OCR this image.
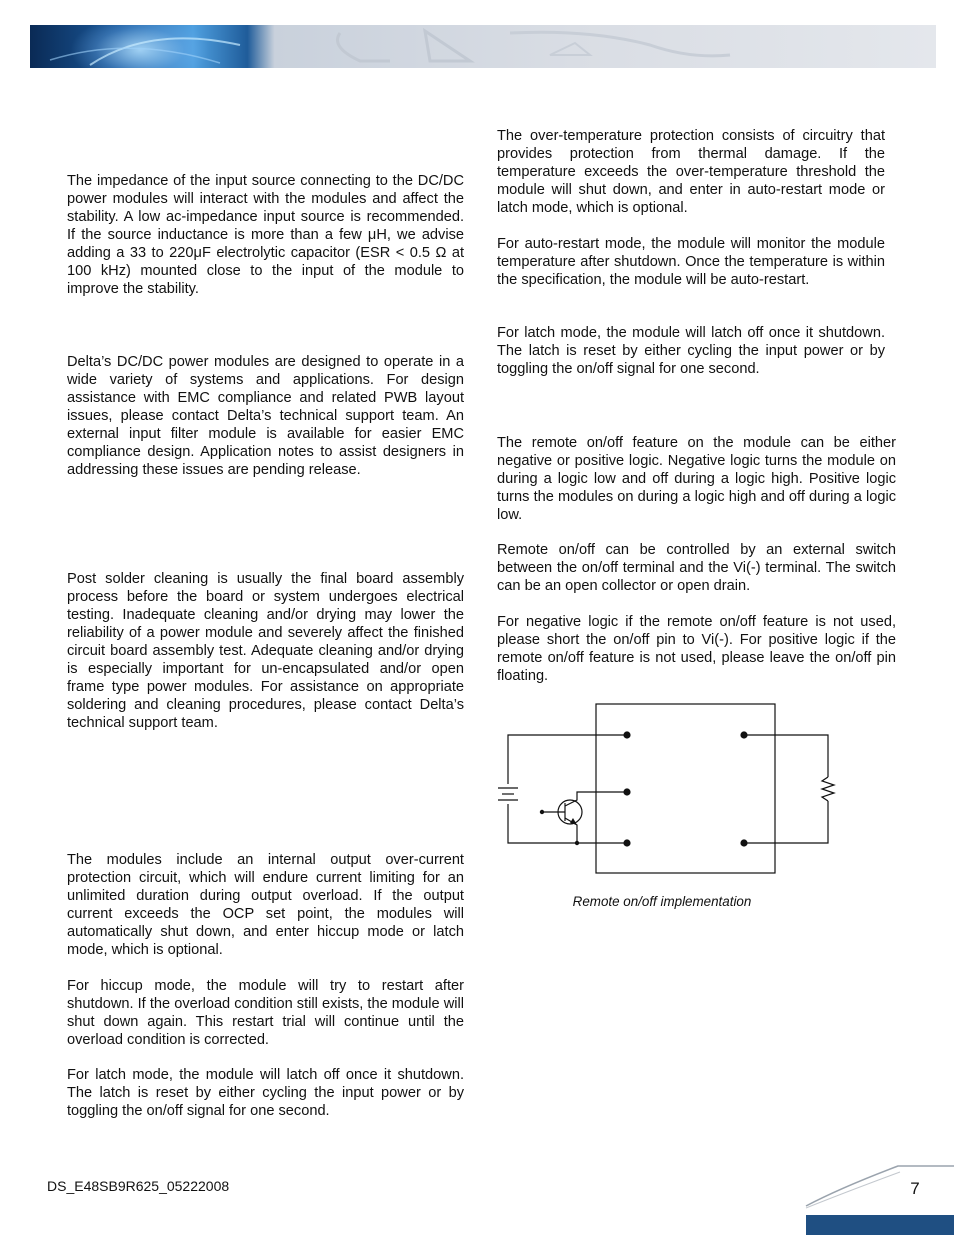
The impedance of the input source connecting to the DC/DC power modules will interact with the modules and affect the stability. A low ac-impedance input source is recommended. If the source inductance is more than a few μH, we advise adding a 33 to 220μF electrolytic capacitor (ESR < 0.5 Ω at 100 kHz) mounted close to the input of the module to improve the stability.

Delta’s DC/DC power modules are designed to operate in a wide variety of systems and applications. For design assistance with EMC compliance and related PWB layout issues, please contact Delta’s technical support team. An external input filter module is available for easier EMC compliance design. Application notes to assist designers in addressing these issues are pending release.

Post solder cleaning is usually the final board assembly process before the board or system undergoes electrical testing. Inadequate cleaning and/or drying may lower the reliability of a power module and severely affect the finished circuit board assembly test. Adequate cleaning and/or drying is especially important for un-encapsulated and/or open frame type power modules. For assistance on appropriate soldering and cleaning procedures, please contact Delta’s technical support team.

The modules include an internal output over-current protection circuit, which will endure current limiting for an unlimited duration during output overload. If the output current exceeds the OCP set point, the modules will automatically shut down, and enter hiccup mode or latch mode, which is optional.

For hiccup mode, the module will try to restart after shutdown. If the overload condition still exists, the module will shut down again. This restart trial will continue until the overload condition is corrected.

For latch mode, the module will latch off once it shutdown. The latch is reset by either cycling the input power or by toggling the on/off signal for one second.

The over-temperature protection consists of circuitry that provides protection from thermal damage. If the temperature exceeds the over-temperature threshold the module will shut down, and enter in auto-restart mode or latch mode, which is optional.

For auto-restart mode, the module will monitor the module temperature after shutdown. Once the temperature is within the specification, the module will be auto-restart.

For latch mode, the module will latch off once it shutdown. The latch is reset by either cycling the input power or by toggling the on/off signal for one second.

The remote on/off feature on the module can be either negative or positive logic. Negative logic turns the module on during a logic low and off during a logic high. Positive logic turns the modules on during a logic high and off during a logic low.

Remote on/off can be controlled by an external switch between the on/off terminal and the Vi(-) terminal. The switch can be an open collector or open drain.

For negative logic if the remote on/off feature is not used, please short the on/off pin to Vi(-). For positive logic if the remote on/off feature is not used, please leave the on/off pin floating.

Remote on/off implementation
DS_E48SB9R625_05222008	7
